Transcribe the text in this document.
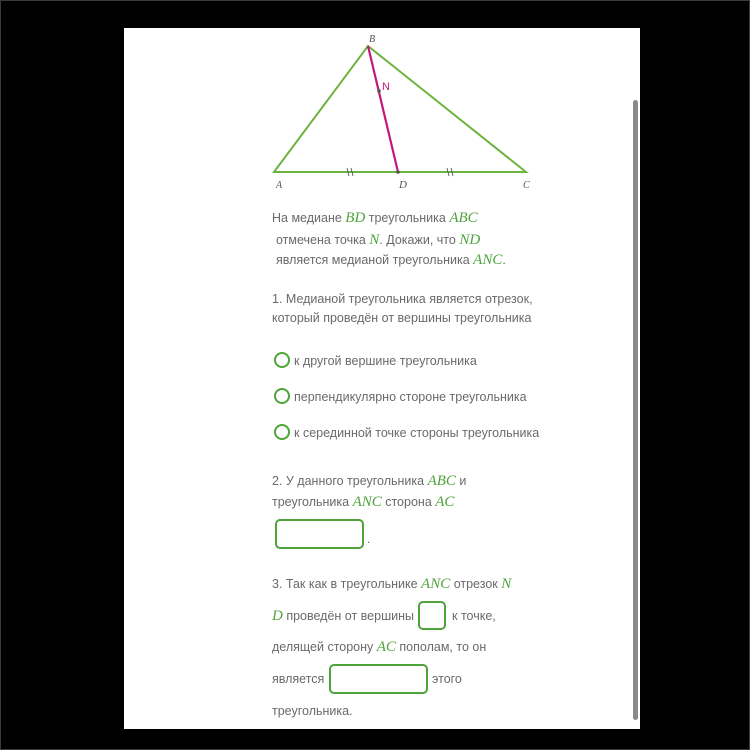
A
B
C
D
N
На медиане BD треугольника ABC
отмечена точка N. Докажи, что ND
является медианой треугольника ANC.
1. Медианой треугольника является отрезок,
который проведён от вершины треугольника
к другой вершине треугольника
перпендикулярно стороне треугольника
к серединной точке стороны треугольника
2. У данного треугольника ABC и
треугольника ANC сторона AC
.
3. Так как в треугольнике ANC отрезок N
D проведён от вершины	к точке,
делящей сторону AC пополам, то он
является	этого
треугольника.
